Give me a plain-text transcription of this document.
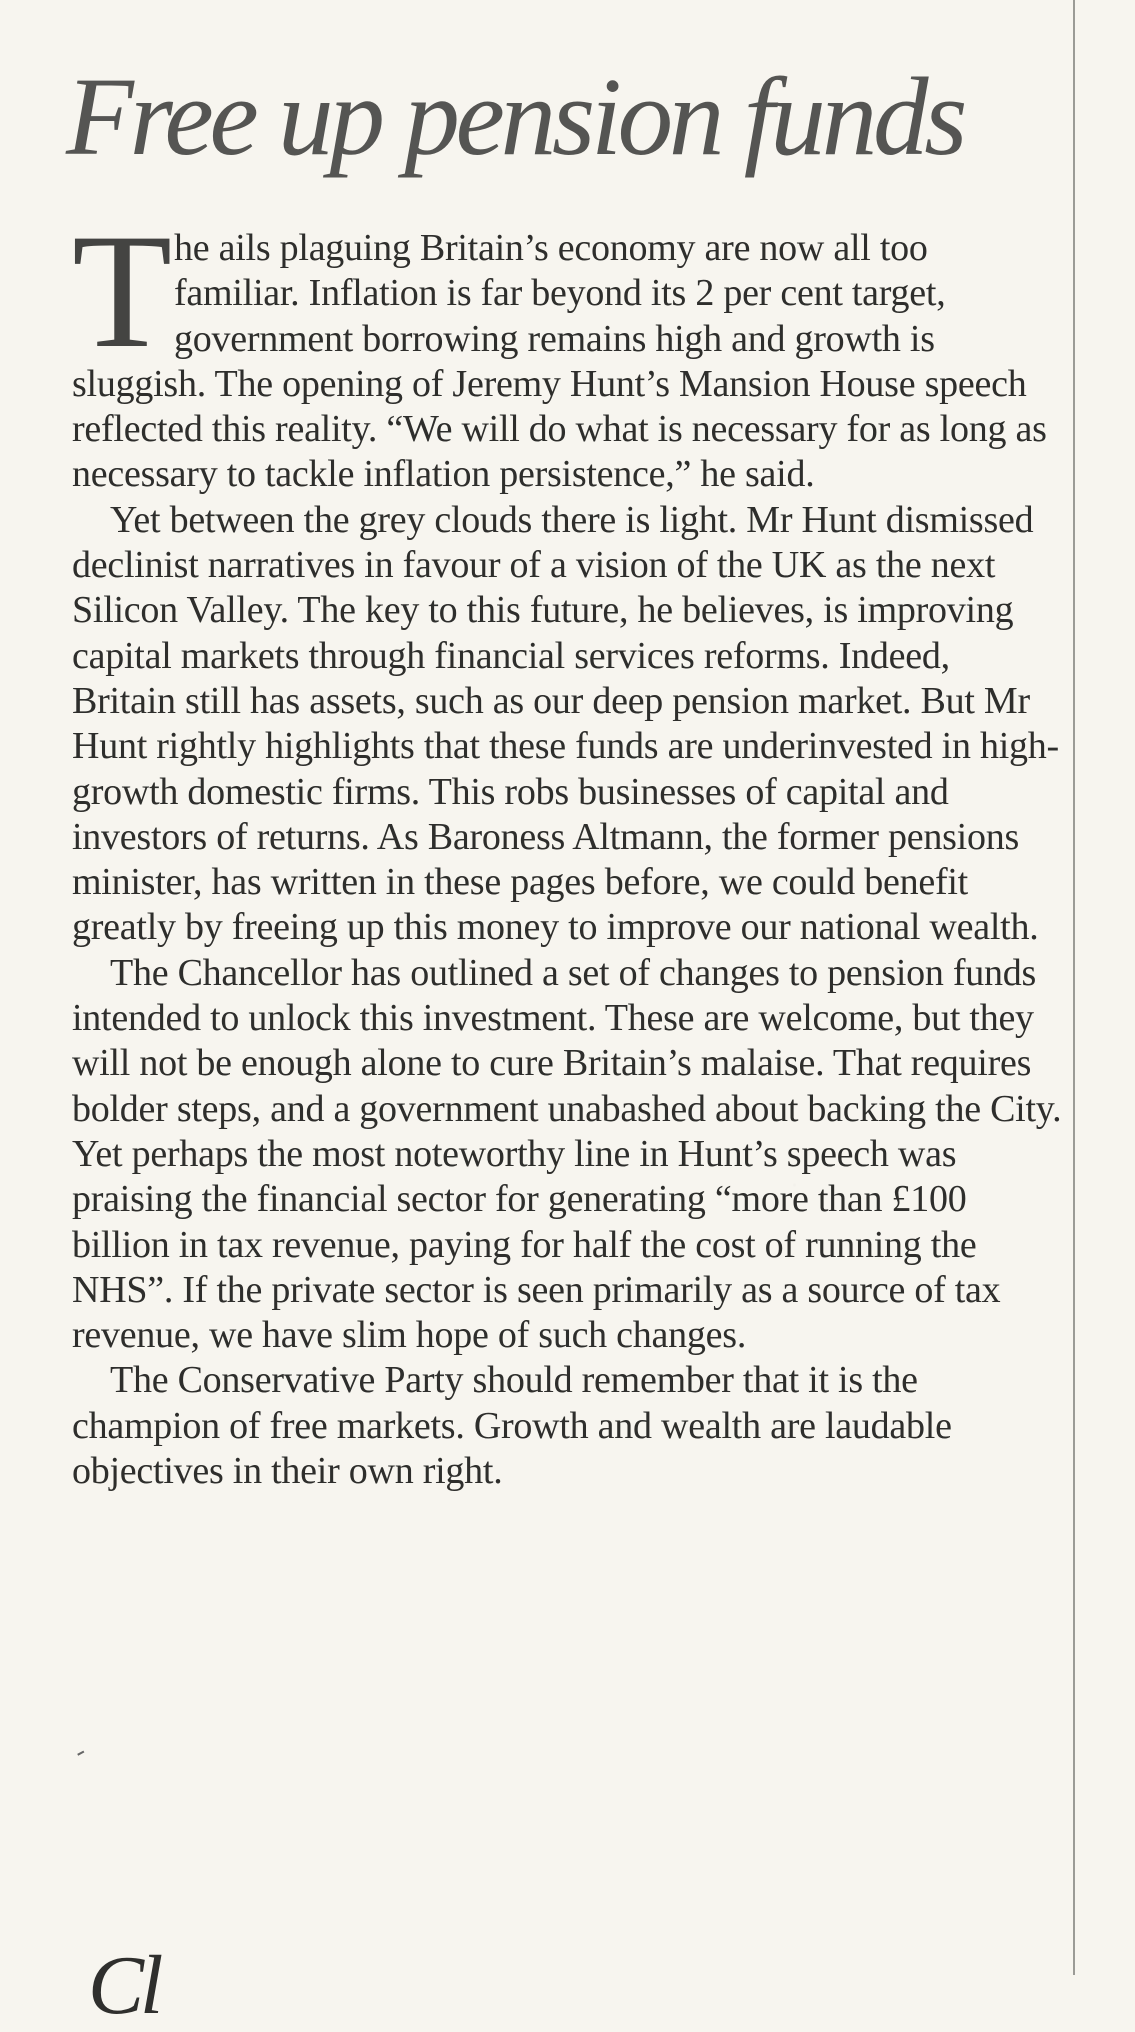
Free up pension funds

T he ails plaguing Britain’s economy are now all too familiar. Inflation is far beyond its 2 per cent target, government borrowing remains high and growth is sluggish. The opening of Jeremy Hunt’s Mansion House speech reflected this reality. “We will do what is necessary for as long as necessary to tackle inflation persistence,” he said.

Yet between the grey clouds there is light. Mr Hunt dismissed declinist narratives in favour of a vision of the UK as the next Silicon Valley. The key to this future, he believes, is improving capital markets through financial services reforms. Indeed, Britain still has assets, such as our deep pension market. But Mr Hunt rightly highlights that these funds are underinvested in high-growth domestic firms. This robs businesses of capital and investors of returns. As Baroness Altmann, the former pensions minister, has written in these pages before, we could benefit greatly by freeing up this money to improve our national wealth.

The Chancellor has outlined a set of changes to pension funds intended to unlock this investment. These are welcome, but they will not be enough alone to cure Britain’s malaise. That requires bolder steps, and a government unabashed about backing the City. Yet perhaps the most noteworthy line in Hunt’s speech was praising the financial sector for generating “more than £100 billion in tax revenue, paying for half the cost of running the NHS”. If the private sector is seen primarily as a source of tax revenue, we have slim hope of such changes.

The Conservative Party should remember that it is the champion of free markets. Growth and wealth are laudable objectives in their own right.

Cl
